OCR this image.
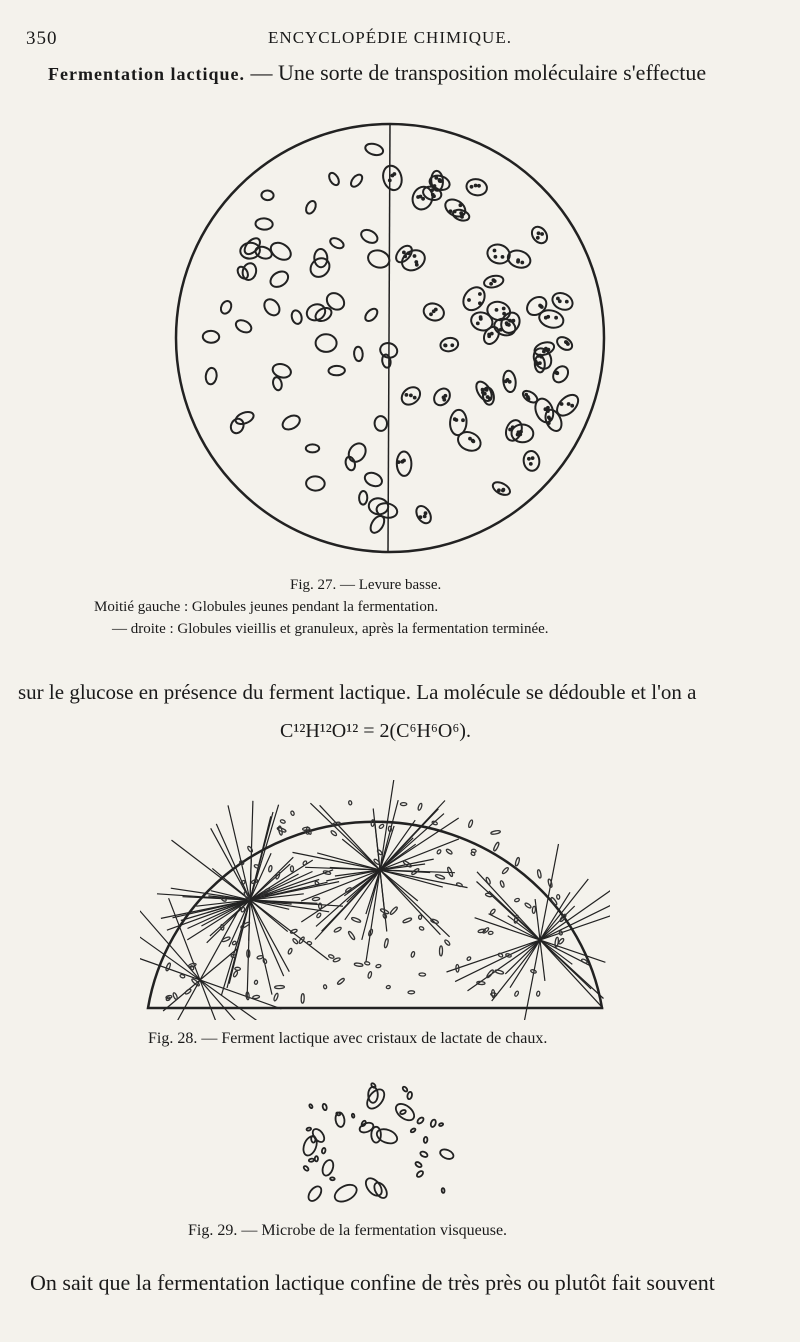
350	ENCYCLOPÉDIE CHIMIQUE.
Fermentation lactique. — Une sorte de transposition moléculaire s'effectue
Fig. 27. — Levure basse.
Moitié gauche : Globules jeunes pendant la fermentation.
— droite : Globules vieillis et granuleux, après la fermentation terminée.
sur le glucose en présence du ferment lactique. La molécule se dédouble et l'on a
C¹²H¹²O¹² = 2(C⁶H⁶O⁶).
Fig. 28. — Ferment lactique avec cristaux de lactate de chaux.
Fig. 29. — Microbe de la fermentation visqueuse.
On sait que la fermentation lactique confine de très près ou plutôt fait souvent
